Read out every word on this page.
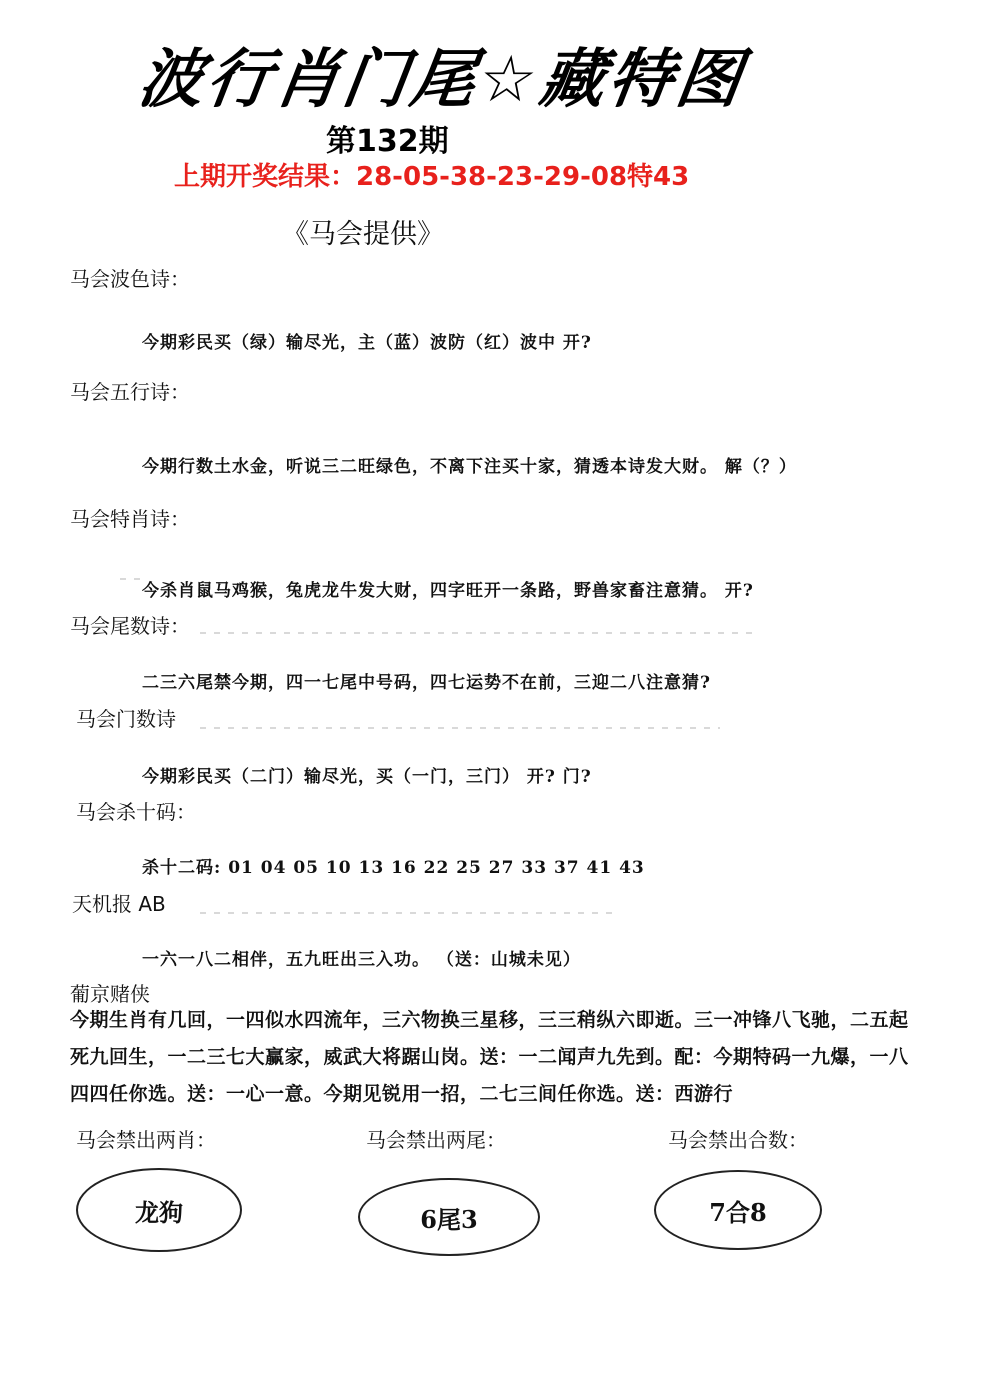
波行肖门尾☆藏特图
第132期
上期开奖结果：28-05-38-23-29-08特43
《马会提供》
马会波色诗：
今期彩民买（绿）输尽光，主（蓝）波防（红）波中 开?
马会五行诗：
今期行数土水金，听说三二旺绿色，不离下注买十家，猜透本诗发大财。 解（？）
马会特肖诗：
今杀肖鼠马鸡猴，兔虎龙牛发大财，四字旺开一条路，野兽家畜注意猜。 开?
马会尾数诗：
二三六尾禁今期，四一七尾中号码，四七运势不在前，三迎二八注意猜?
马会门数诗
今期彩民买（二门）输尽光，买（一门，三门） 开? 门?
马会杀十码：
杀十二码: 01 04 05 10 13 16 22 25 27 33 37 41 43
天机报 AB
一六一八二相伴，五九旺出三入功。 （送：山城未见）
葡京赌侠
今期生肖有几回，一四似水四流年，三六物换三星移，三三稍纵六即逝。三一冲锋八飞驰，二五起死九回生，一二三七大赢家，威武大将踞山岗。送：一二闻声九先到。配：今期特码一九爆，一八四四任你选。送：一心一意。今期见锐用一招，二七三间任你选。送：西游行
马会禁出两肖：	马会禁出两尾：	马会禁出合数：
龙狗	6尾3	7合8
